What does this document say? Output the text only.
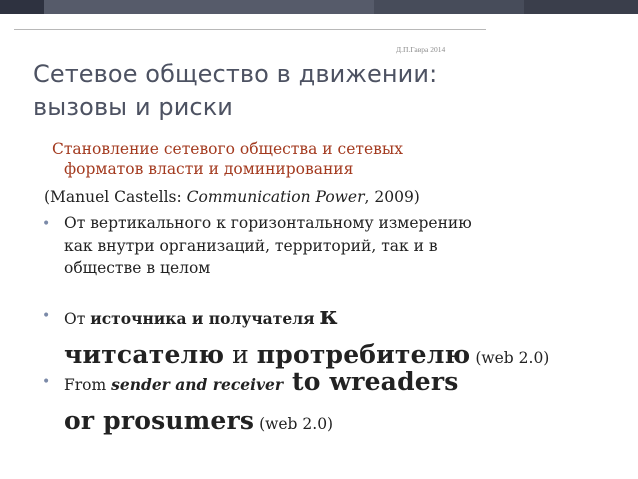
Д.П.Гавра 2014
Сетевое общество в движении:
вызовы и риски
Становление сетевого общества и сетевых
форматов власти и доминирования
(Manuel Castells: Communication Power, 2009)
• От вертикального к горизонтальному измерению
как внутри организаций, территорий, так и в
обществе в целом
• От источника и получателя к
читсателю и протребителю (web 2.0)
• From sender and receiver to wreaders
or prosumers (web 2.0)
